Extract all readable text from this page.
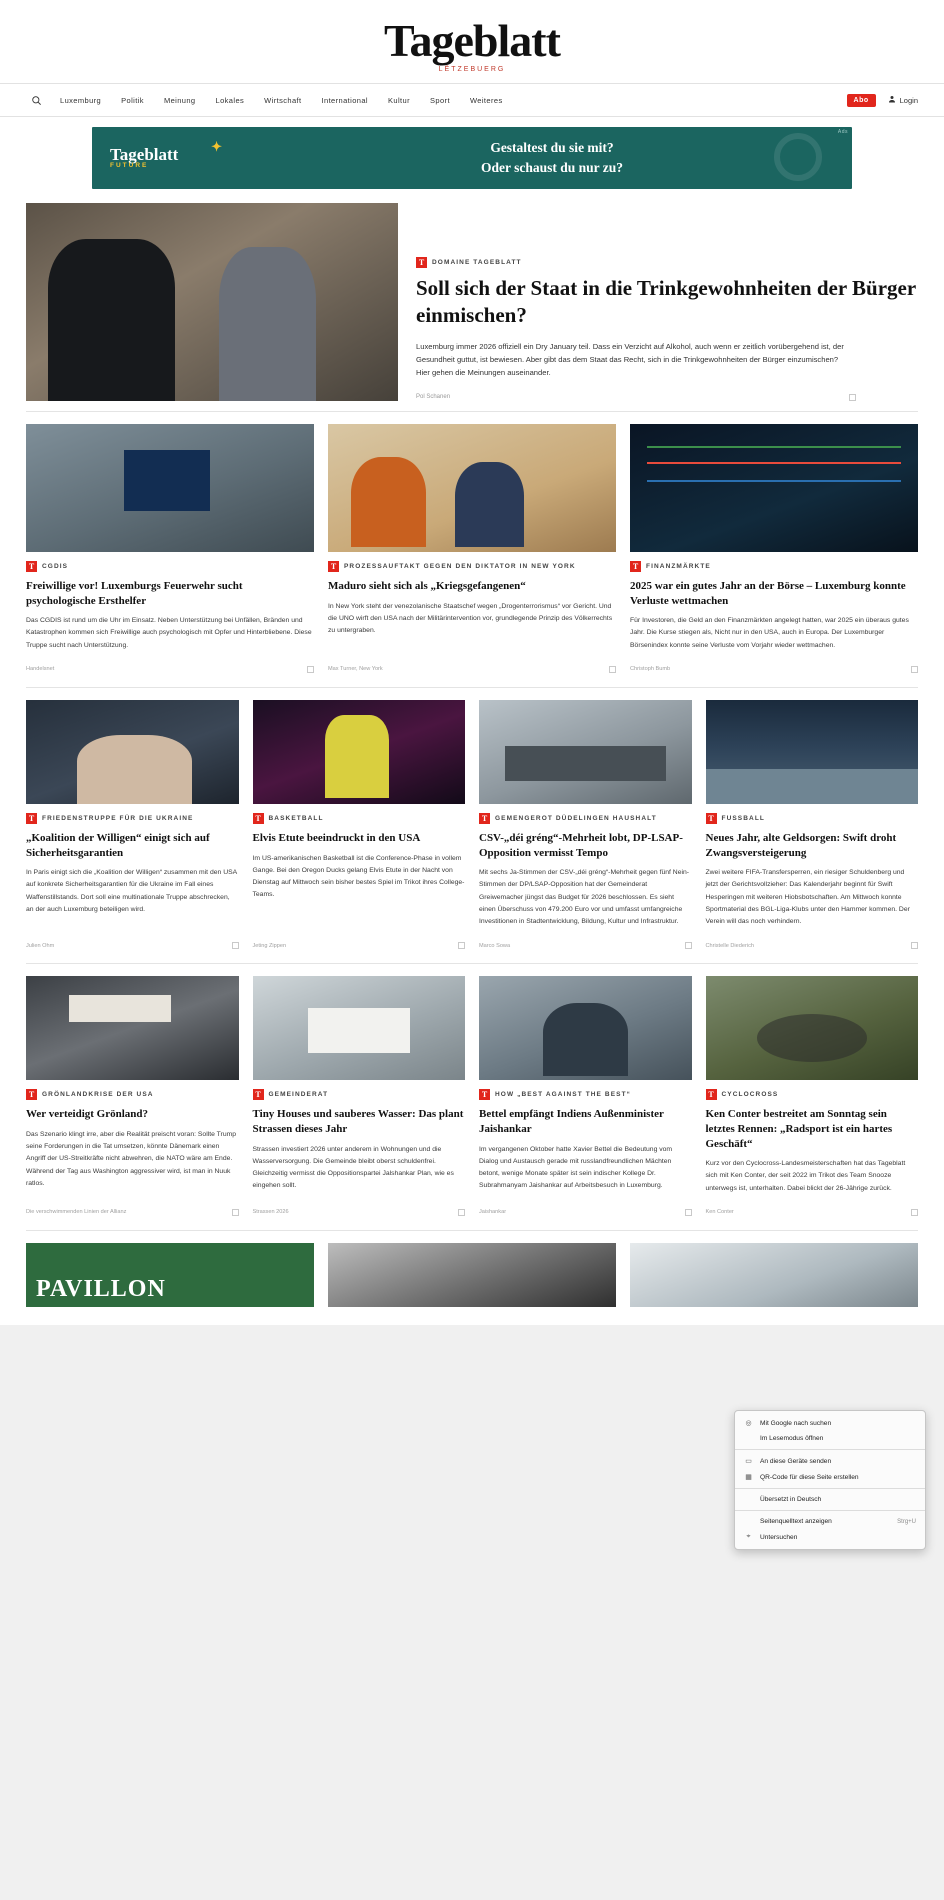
Tageblatt
LËTZEBUERG
Luxemburg	Politik	Meinung	Lokales	Wirtschaft	International	Kultur	Sport	Weiteres	Abo	Login
Ads
✦
Tageblatt
FUTURE
Gestaltest du sie mit?
Oder schaust du nur zu?
T	DOMAINE TAGEBLATT
Soll sich der Staat in die Trinkgewohnheiten der Bürger einmischen?

Luxemburg immer 2026 offiziell ein Dry January teil. Dass ein Verzicht auf Alkohol, auch wenn er zeitlich vorübergehend ist, der Gesundheit guttut, ist bewiesen. Aber gibt das dem Staat das Recht, sich in die Trinkgewohnheiten der Bürger einzumischen? Hier gehen die Meinungen auseinander.

Pol Schanen
T	CGDIS
Freiwillige vor! Luxemburgs Feuerwehr sucht psychologische Ersthelfer

Das CGDIS ist rund um die Uhr im Einsatz. Neben Unterstützung bei Unfällen, Bränden und Katastrophen kommen sich Freiwillige auch psychologisch mit Opfer und Hinterbliebene. Diese Truppe sucht nach Unterstützung.

Handelsnet
T	PROZESSAUFTAKT GEGEN DEN DIKTATOR IN NEW YORK
Maduro sieht sich als „Kriegsgefangenen“

In New York steht der venezolanische Staatschef wegen „Drogenterrorismus“ vor Gericht. Und die UNO wirft den USA nach der Militärintervention vor, grundlegende Prinzip des Völkerrechts zu untergraben.

Max Turner, New York
T	FINANZMÄRKTE
2025 war ein gutes Jahr an der Börse – Luxemburg konnte Verluste wettmachen

Für Investoren, die Geld an den Finanzmärkten angelegt hatten, war 2025 ein überaus gutes Jahr. Die Kurse stiegen als, Nicht nur in den USA, auch in Europa. Der Luxemburger Börsenindex konnte seine Verluste vom Vorjahr wieder wettmachen.

Christoph Bumb
T	FRIEDENSTRUPPE FÜR DIE UKRAINE
„Koalition der Willigen“ einigt sich auf Sicherheitsgarantien

In Paris einigt sich die „Koalition der Willigen“ zusammen mit den USA auf konkrete Sicherheitsgarantien für die Ukraine im Fall eines Waffenstillstands. Dort soll eine multinationale Truppe abschrecken, an der auch Luxemburg beteiligen wird.

Julien Ohm
T	BASKETBALL
Elvis Etute beeindruckt in den USA

Im US-amerikanischen Basketball ist die Conference-Phase in vollem Gange. Bei den Oregon Ducks gelang Elvis Etute in der Nacht von Dienstag auf Mittwoch sein bisher bestes Spiel im Trikot ihres College-Teams.

Jeting Zippen
T	GEMENGEROT DÜDELINGEN HAUSHALT
CSV-„déi gréng“-Mehrheit lobt, DP-LSAP-Opposition vermisst Tempo

Mit sechs Ja-Stimmen der CSV-„déi gréng“-Mehrheit gegen fünf Nein-Stimmen der DP/LSAP-Opposition hat der Gemeinderat Greiwemacher jüngst das Budget für 2026 beschlossen. Es sieht einen Überschuss von 479.200 Euro vor und umfasst umfangreiche Investitionen in Stadtentwicklung, Bildung, Kultur und Infrastruktur.

Marco Sowa
T	FUSSBALL
Neues Jahr, alte Geldsorgen: Swift droht Zwangsversteigerung

Zwei weitere FIFA-Transfersperren, ein riesiger Schuldenberg und jetzt der Gerichtsvollzieher: Das Kalenderjahr beginnt für Swift Hesperingen mit weiteren Hiobsbotschaften. Am Mittwoch konnte Sportmaterial des BGL-Liga-Klubs unter den Hammer kommen. Der Verein will das noch verhindern.

Christelle Diederich
T	GRÖNLANDKRISE DER USA
Wer verteidigt Grönland?

Das Szenario klingt irre, aber die Realität preischt voran: Sollte Trump seine Forderungen in die Tat umsetzen, könnte Dänemark einen Angriff der US-Streitkräfte nicht abwehren, die NATO wäre am Ende. Während der Tag aus Washington aggressiver wird, ist man in Nuuk ratlos.

Die verschwimmenden Linien der Allianz
T	GEMEINDERAT
Tiny Houses und sauberes Wasser: Das plant Strassen dieses Jahr

Strassen investiert 2026 unter anderem in Wohnungen und die Wasserversorgung. Die Gemeinde bleibt oberst schuldenfrei. Gleichzeitig vermisst die Oppositionspartei Jalshankar Plan, wie es eingehen sollt.

Strassen 2026
T	HOW „BEST AGAINST THE BEST“
Bettel empfängt Indiens Außenminister Jaishankar

Im vergangenen Oktober hatte Xavier Bettel die Bedeutung vom Dialog und Austausch gerade mit russlandfreundlichen Mächten betont, wenige Monate später ist sein indischer Kollege Dr. Subrahmanyam Jaishankar auf Arbeitsbesuch in Luxemburg.

Jaishankar
T	CYCLOCROSS
Ken Conter bestreitet am Sonntag sein letztes Rennen: „Radsport ist ein hartes Geschäft“

Kurz vor den Cyclocross-Landesmeisterschaften hat das Tageblatt sich mit Ken Conter, der seit 2022 im Trikot des Team Snooze unterwegs ist, unterhalten. Dabei blickt der 26-Jährige zurück.

Ken Conter
PAVILLON
◎ Mit Google nach suchen
Im Lesemodus öffnen
▭ An diese Geräte senden
▦ QR-Code für diese Seite erstellen
Übersetzt in Deutsch
Seitenquelltext anzeigen	Strg+U
⌖	Untersuchen
